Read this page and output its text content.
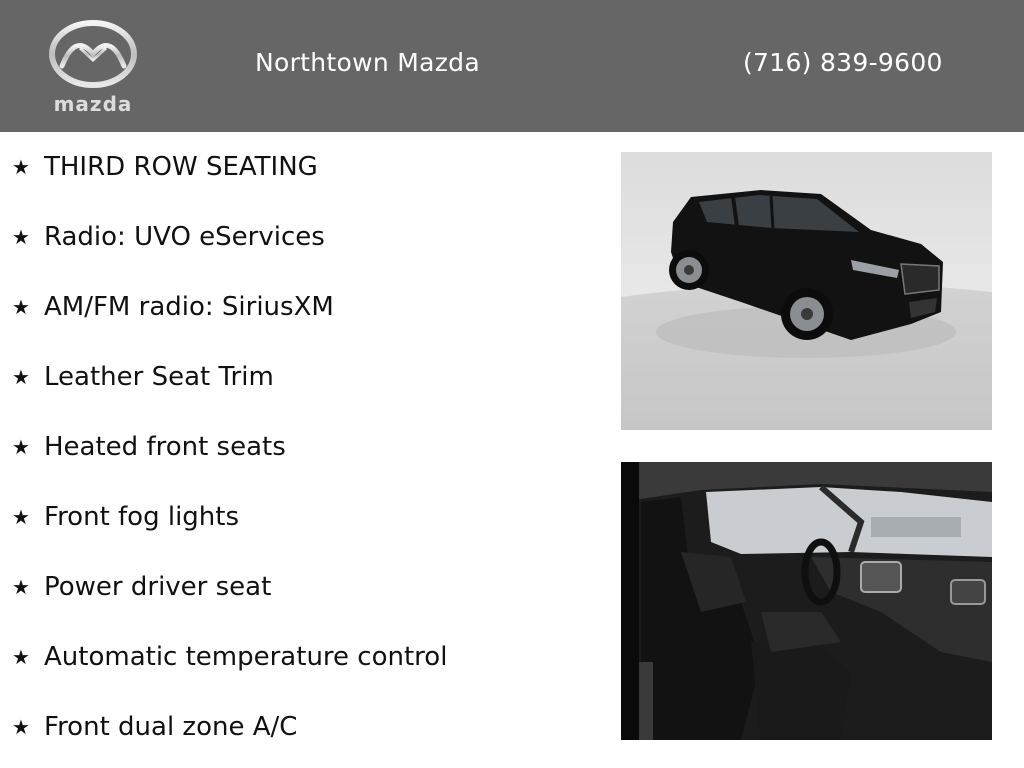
mazda
Northtown Mazda	(716) 839-9600
★ THIRD ROW SEATING
★ Radio: UVO eServices
★ AM/FM radio: SiriusXM
★ Leather Seat Trim
★ Heated front seats
★ Front fog lights
★ Power driver seat
★ Automatic temperature control
★ Front dual zone A/C
